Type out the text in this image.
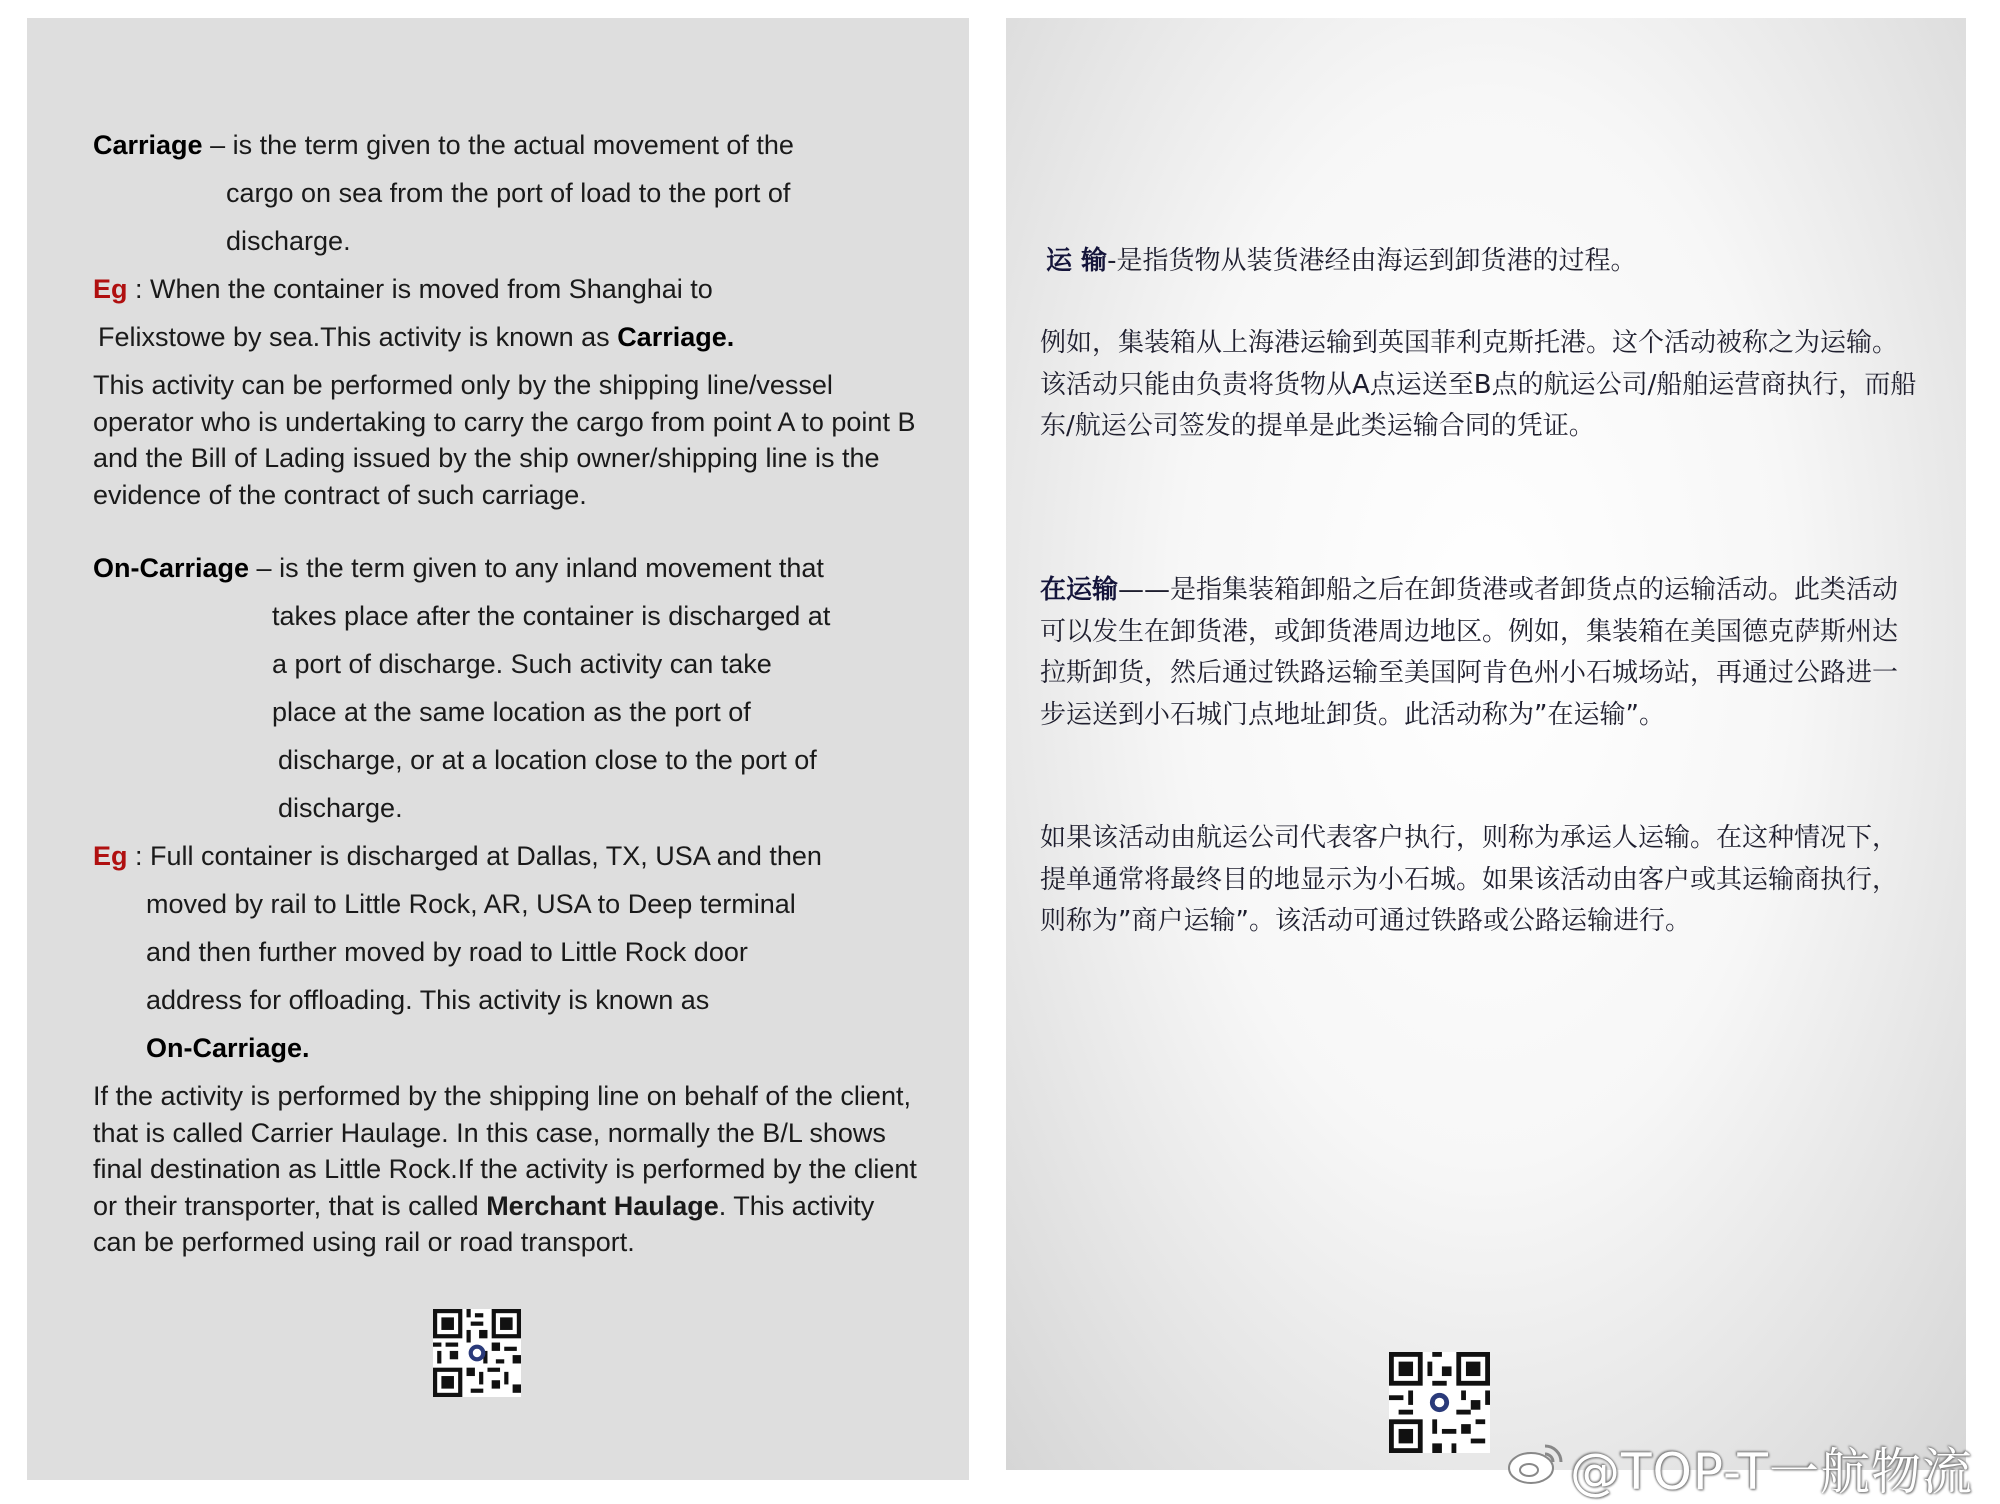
Carriage – is the term given to the actual movement of the
cargo on sea from the port of load to the port of
discharge.
Eg : When the container is moved from Shanghai to
Felixstowe by sea.This activity is known as Carriage.
This activity can be performed only by the shipping line/vessel operator who is undertaking to carry the cargo from point A to point B and the Bill of Lading issued by the ship owner/shipping line is the evidence of the contract of such carriage.
On-Carriage – is the term given to any inland movement that
takes place after the container is discharged at
a port of discharge. Such activity can take
place at the same location as the port of
discharge, or at a location close to the port of
discharge.
Eg : Full container is discharged at Dallas, TX, USA and then
moved by rail to Little Rock, AR, USA to Deep terminal
and then further moved by road to Little Rock door
address for offloading. This activity is known as
On-Carriage.
If the activity is performed by the shipping line on behalf of the client, that is called Carrier Haulage. In this case, normally the B/L shows final destination as Little Rock.If the activity is performed by the client or their transporter, that is called Merchant Haulage. This activity can be performed using rail or road transport.
运 输-是指货物从装货港经由海运到卸货港的过程。
例如，集装箱从上海港运输到英国菲利克斯托港。这个活动被称之为运输。该活动只能由负责将货物从A点运送至B点的航运公司/船舶运营商执行，而船东/航运公司签发的提单是此类运输合同的凭证。
在运输——是指集装箱卸船之后在卸货港或者卸货点的运输活动。此类活动可以发生在卸货港，或卸货港周边地区。例如，集装箱在美国德克萨斯州达拉斯卸货，然后通过铁路运输至美国阿肯色州小石城场站，再通过公路进一步运送到小石城门点地址卸货。此活动称为”在运输”。
如果该活动由航运公司代表客户执行，则称为承运人运输。在这种情况下，提单通常将最终目的地显示为小石城。如果该活动由客户或其运输商执行，则称为”商户运输”。该活动可通过铁路或公路运输进行。
@TOP-T一航物流
